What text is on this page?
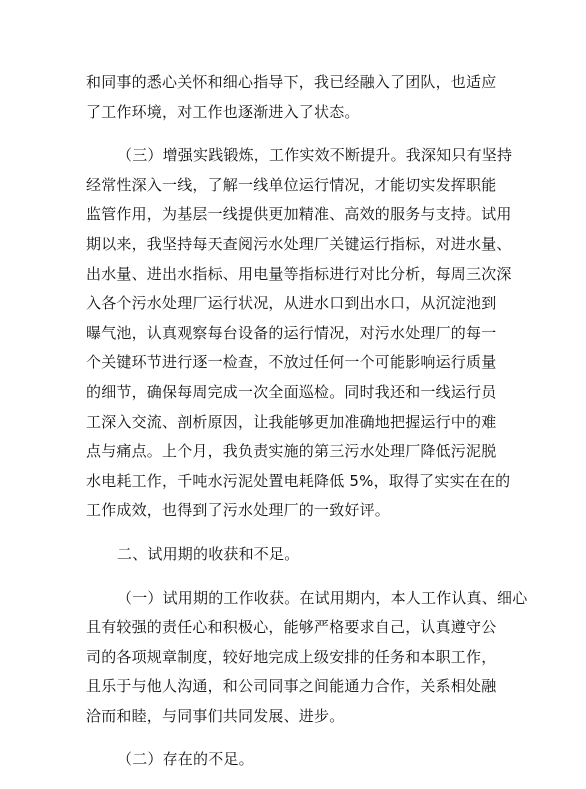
和同事的悉心关怀和细心指导下，我已经融入了团队，也适应
了工作环境，对工作也逐渐进入了状态。
（三）增强实践锻炼，工作实效不断提升。我深知只有坚持
经常性深入一线，了解一线单位运行情况，才能切实发挥职能
监管作用，为基层一线提供更加精准、高效的服务与支持。试用
期以来，我坚持每天查阅污水处理厂关键运行指标，对进水量、
出水量、进出水指标、用电量等指标进行对比分析，每周三次深
入各个污水处理厂运行状况，从进水口到出水口，从沉淀池到
曝气池，认真观察每台设备的运行情况，对污水处理厂的每一
个关键环节进行逐一检查，不放过任何一个可能影响运行质量
的细节，确保每周完成一次全面巡检。同时我还和一线运行员
工深入交流、剖析原因，让我能够更加准确地把握运行中的难
点与痛点。上个月，我负责实施的第三污水处理厂降低污泥脱
水电耗工作，千吨水污泥处置电耗降低 5%，取得了实实在在的
工作成效，也得到了污水处理厂的一致好评。
二、试用期的收获和不足。
（一）试用期的工作收获。在试用期内，本人工作认真、细心
且有较强的责任心和积极心，能够严格要求自己，认真遵守公
司的各项规章制度，较好地完成上级安排的任务和本职工作，
且乐于与他人沟通，和公司同事之间能通力合作，关系相处融
洽而和睦，与同事们共同发展、进步。
（二）存在的不足。
